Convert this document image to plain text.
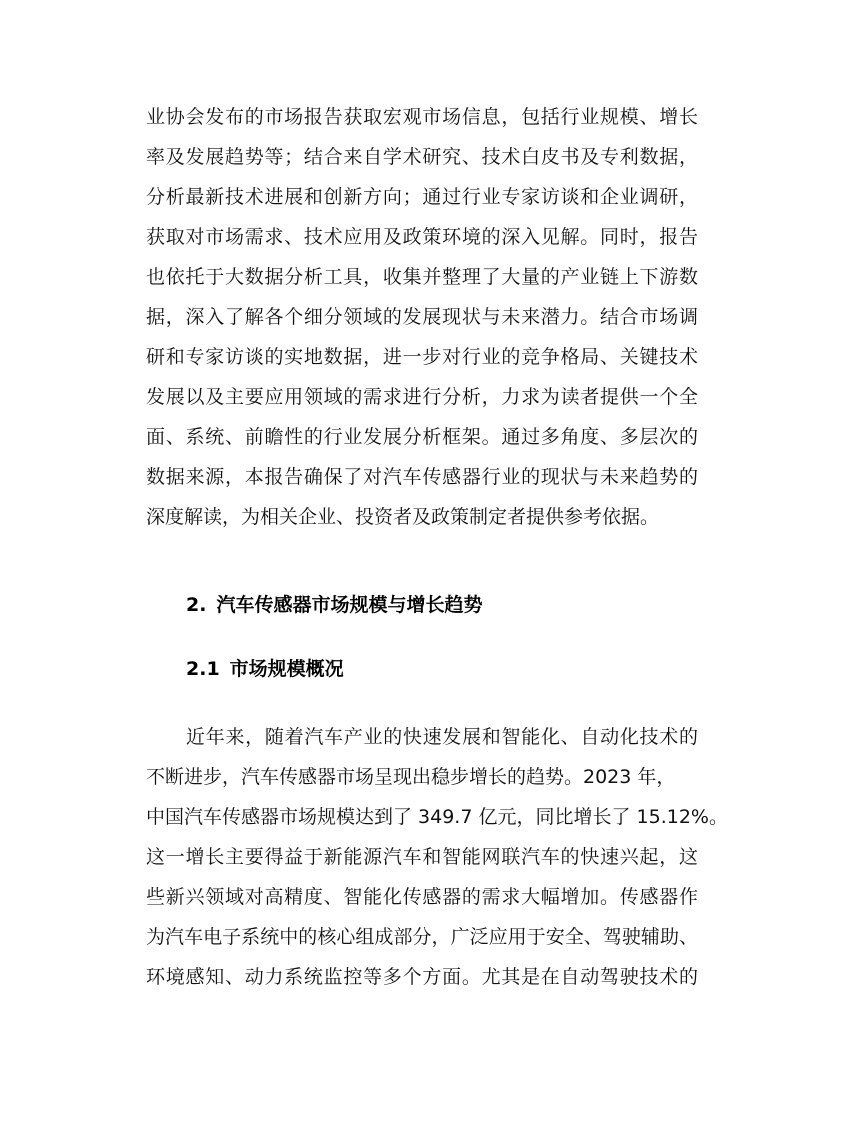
业协会发布的市场报告获取宏观市场信息，包括行业规模、增长
率及发展趋势等；结合来自学术研究、技术白皮书及专利数据，
分析最新技术进展和创新方向；通过行业专家访谈和企业调研，
获取对市场需求、技术应用及政策环境的深入见解。同时，报告
也依托于大数据分析工具，收集并整理了大量的产业链上下游数
据，深入了解各个细分领域的发展现状与未来潜力。结合市场调
研和专家访谈的实地数据，进一步对行业的竞争格局、关键技术
发展以及主要应用领域的需求进行分析，力求为读者提供一个全
面、系统、前瞻性的行业发展分析框架。通过多角度、多层次的
数据来源，本报告确保了对汽车传感器行业的现状与未来趋势的
深度解读，为相关企业、投资者及政策制定者提供参考依据。
2. 汽车传感器市场规模与增长趋势
2.1 市场规模概况
近年来，随着汽车产业的快速发展和智能化、自动化技术的
不断进步，汽车传感器市场呈现出稳步增长的趋势。2023 年，
中国汽车传感器市场规模达到了 349.7 亿元，同比增长了 15.12%。
这一增长主要得益于新能源汽车和智能网联汽车的快速兴起，这
些新兴领域对高精度、智能化传感器的需求大幅增加。传感器作
为汽车电子系统中的核心组成部分，广泛应用于安全、驾驶辅助、
环境感知、动力系统监控等多个方面。尤其是在自动驾驶技术的
